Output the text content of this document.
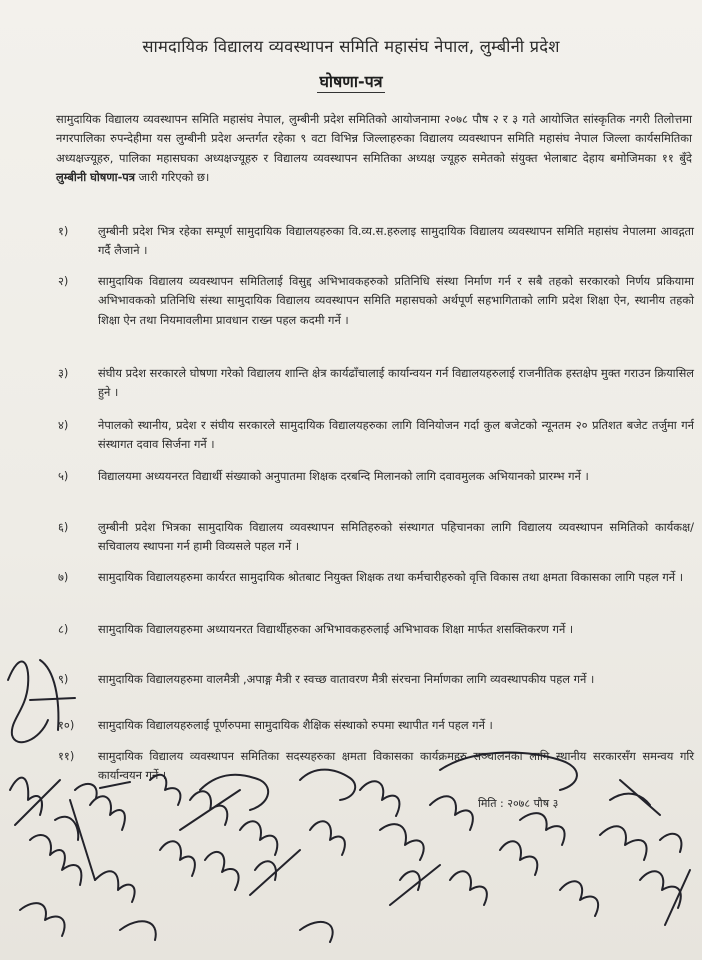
सामदायिक विद्यालय व्यवस्थापन समिति महासंघ नेपाल, लुम्बीनी प्रदेश
घोषणा-पत्र
सामुदायिक विद्यालय व्यवस्थापन समिति महासंघ नेपाल, लुम्बीनी प्रदेश समितिको आयोजनामा २०७८ पौष २ र ३ गते आयोजित सांस्कृतिक नगरी तिलोत्तमा नगरपालिका रुपन्देहीमा यस लुम्बीनी प्रदेश अन्तर्गत रहेका ९ वटा विभिन्न जिल्लाहरुका विद्यालय व्यवस्थापन समिति महासंघ नेपाल जिल्ला कार्यसमितिका अध्यक्षज्यूहरु, पालिका महासघका अध्यक्षज्यूहरु र विद्यालय व्यवस्थापन समितिका अध्यक्ष ज्यूहरु समेतको संयुक्त भेलाबाट देहाय बमोजिमका ११ बुँदे लुम्बीनी घोषणा-पत्र जारी गरिएको छ।
१)	लुम्बीनी प्रदेश भित्र रहेका सम्पूर्ण सामुदायिक विद्यालयहरुका वि.व्य.स.हरुलाइ सामुदायिक विद्यालय व्यवस्थापन समिति महासंघ नेपालमा आवद्गता गर्दै लैजाने ।
२)	सामुदायिक विद्यालय व्यवस्थापन समितिलाई विसुद्द अभिभावकहरुको प्रतिनिधि संस्था निर्माण गर्न र सबै तहको सरकारको निर्णय प्रकियामा अभिभावकको प्रतिनिधि संस्था सामुदायिक विद्यालय व्यवस्थापन समिति महासघको अर्थपूर्ण सहभागिताको लागि प्रदेश शिक्षा ऐन, स्थानीय तहको शिक्षा ऐन तथा नियमावलीमा प्रावधान राख्न पहल कदमी गर्ने ।
३)	संघीय प्रदेश सरकारले घोषणा गरेको विद्यालय शान्ति क्षेत्र कार्यढाँचालाई कार्यान्वयन गर्न विद्यालयहरुलाई राजनीतिक हस्तक्षेप मुक्त गराउन क्रियासिल हुने ।
४)	नेपालको स्थानीय, प्रदेश र संघीय सरकारले सामुदायिक विद्यालयहरुका लागि विनियोजन गर्दा कुल बजेटको न्यूनतम २० प्रतिशत बजेट तर्जुमा गर्न संस्थागत दवाव सिर्जना गर्ने ।
५)	विद्यालयमा अध्ययनरत विद्यार्थी संख्याको अनुपातमा शिक्षक दरबन्दि मिलानको लागि दवावमुलक अभियानको प्रारम्भ गर्ने ।
६)	लुम्बीनी प्रदेश भित्रका सामुदायिक विद्यालय व्यवस्थापन समितिहरुको संस्थागत पहिचानका लागि विद्यालय व्यवस्थापन समितिको कार्यकक्ष/सचिवालय स्थापना गर्न हामी विव्यसले पहल गर्ने ।
७)	सामुदायिक विद्यालयहरुमा कार्यरत सामुदायिक श्रोतबाट नियुक्त शिक्षक तथा कर्मचारीहरुको वृत्ति विकास तथा क्षमता विकासका लागि पहल गर्ने ।
८)	सामुदायिक विद्यालयहरुमा अध्यायनरत विद्यार्थीहरुका अभिभावकहरुलाई अभिभावक शिक्षा मार्फत शसक्तिकरण गर्ने ।
९)	सामुदायिक विद्यालयहरुमा वालमैत्री ,अपाङ्ग मैत्री र स्वच्छ वातावरण मैत्री संरचना निर्माणका लागि व्यवस्थापकीय पहल गर्ने ।
१०)	सामुदायिक विद्यालयहरुलाई पूर्णरुपमा सामुदायिक शैक्षिक संस्थाको रुपमा स्थापीत गर्न पहल गर्ने ।
११)	सामुदायिक विद्यालय व्यवस्थापन समितिका सदस्यहरुका क्षमता विकासका कार्यक्रमहरु सञ्चालनका लागि स्थानीय सरकारसँग समन्वय गरि कार्यान्वयन गर्ने ।
मिति : २०७८ पौष ३
